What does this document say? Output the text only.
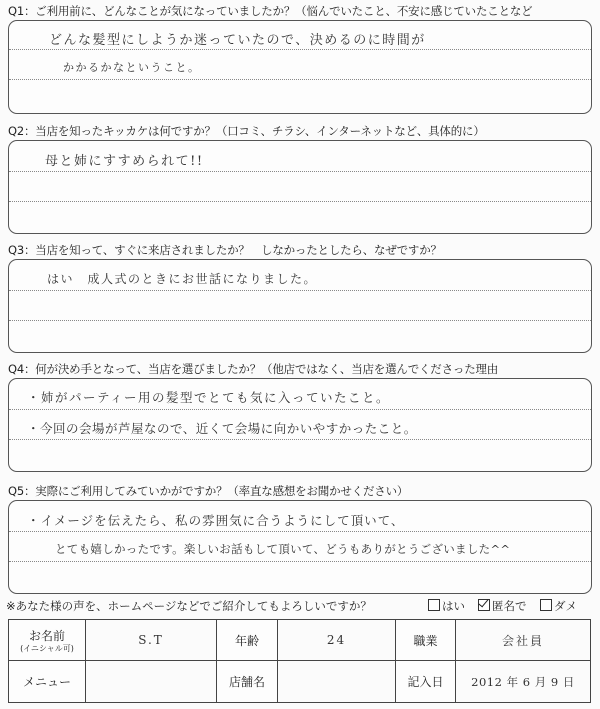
Q1：ご利用前に、どんなことが気になっていましたか？（悩んでいたこと、不安に感じていたことなど
どんな髪型にしようか迷っていたので、決めるのに時間が
かかるかなということ。
Q2：当店を知ったキッカケは何ですか？（口コミ、チラシ、インターネットなど、具体的に）
母と姉にすすめられて!!
Q3：当店を知って、すぐに来店されましたか？　しなかったとしたら、なぜですか？
はい　成人式のときにお世話になりました。
Q4：何が決め手となって、当店を選びましたか？（他店ではなく、当店を選んでくださった理由
・姉がパーティー用の髪型でとても気に入っていたこと。
・今回の会場が芦屋なので、近くて会場に向かいやすかったこと。
Q5：実際にご利用してみていかがですか？（率直な感想をお聞かせください）
・イメージを伝えたら、私の雰囲気に合うようにして頂いて、
とても嬉しかったです。楽しいお話もして頂いて、どうもありがとうございました^^
※あなた様の声を、ホームページなどでご紹介してもよろしいですか？	はい	匿名で	ダメ
お名前
(イニシャル可)	S.T	年齢	24	職業	会社員
メニュー		店舗名		記入日	2012 年 6 月 9 日
